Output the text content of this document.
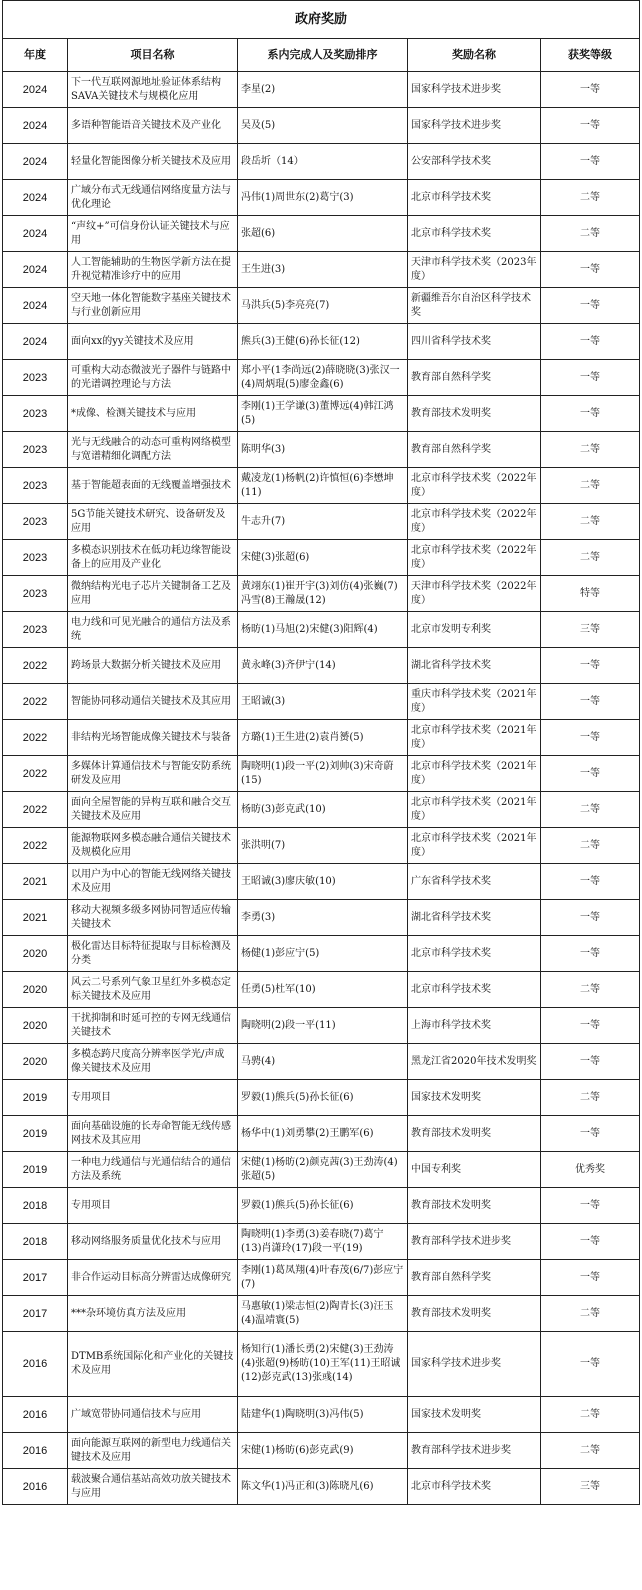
政府奖励				
年度	项目名称	系内完成人及奖励排序	奖励名称	获奖等级
2024	下一代互联网源地址验证体系结构SAVA关键技术与规模化应用	李星(2)	国家科学技术进步奖	一等
2024	多语种智能语音关键技术及产业化	吴及(5)	国家科学技术进步奖	一等
2024	轻量化智能图像分析关键技术及应用	段岳圻（14）	公安部科学技术奖	一等
2024	广域分布式无线通信网络度量方法与优化理论	冯伟(1)周世东(2)葛宁(3)	北京市科学技术奖	二等
2024	“声纹+”可信身份认证关键技术与应用	张超(6)	北京市科学技术奖	二等
2024	人工智能辅助的生物医学新方法在提升视觉精准诊疗中的应用	王生进(3)	天津市科学技术奖（2023年度）	一等
2024	空天地一体化智能数字基座关键技术与行业创新应用	马洪兵(5)李亮亮(7)	新疆维吾尔自治区科学技术奖	一等
2024	面向xx的yy关键技术及应用	熊兵(3)王健(6)孙长征(12)	四川省科学技术奖	一等
2023	可重构大动态微波光子器件与链路中的光谱调控理论与方法	郑小平(1李尚远(2)薛晓晓(3)张汉一(4)周炳琨(5)廖金鑫(6)	教育部自然科学奖	一等
2023	*成像、检测关键技术与应用	李刚(1)王学谦(3)董博远(4)韩江鸿(5)	教育部技术发明奖	一等
2023	光与无线融合的动态可重构网络模型与宽谱精细化调配方法	陈明华(3)	教育部自然科学奖	二等
2023	基于智能超表面的无线覆盖增强技术	戴凌龙(1)杨帆(2)许慎恒(6)李懋坤(11)	北京市科学技术奖（2022年度）	二等
2023	5G节能关键技术研究、设备研发及应用	牛志升(7)	北京市科学技术奖（2022年度）	二等
2023	多模态识别技术在低功耗边缘智能设备上的应用及产业化	宋健(3)张超(6)	北京市科学技术奖（2022年度）	二等
2023	微纳结构光电子芯片关键制备工艺及应用	黄翊东(1)崔开宇(3)刘仿(4)张巍(7)冯雪(8)王瀚晟(12)	天津市科学技术奖（2022年度）	特等
2023	电力线和可见光融合的通信方法及系统	杨昉(1)马旭(2)宋健(3)阳辉(4)	北京市发明专利奖	三等
2022	跨场景大数据分析关键技术及应用	黄永峰(3)齐伊宁(14)	湖北省科学技术奖	一等
2022	智能协同移动通信关键技术及其应用	王昭诚(3)	重庆市科学技术奖（2021年度）	一等
2022	非结构光场智能成像关键技术与装备	方璐(1)王生进(2)袁肖赟(5)	北京市科学技术奖（2021年度）	一等
2022	多媒体计算通信技术与智能安防系统研发及应用	陶晓明(1)段一平(2)刘帅(3)宋奇蔚(15)	北京市科学技术奖（2021年度）	一等
2022	面向全屋智能的异构互联和融合交互关键技术及应用	杨昉(3)彭克武(10)	北京市科学技术奖（2021年度）	二等
2022	能源物联网多模态融合通信关键技术及规模化应用	张洪明(7)	北京市科学技术奖（2021年度）	二等
2021	以用户为中心的智能无线网络关键技术及应用	王昭诚(3)廖庆敏(10)	广东省科学技术奖	一等
2021	移动大视频多级多网协同智适应传输关键技术	李勇(3)	湖北省科学技术奖	一等
2020	极化雷达目标特征提取与目标检测及分类	杨健(1)彭应宁(5)	北京市科学技术奖	一等
2020	风云二号系列气象卫星红外多模态定标关键技术及应用	任勇(5)杜军(10)	北京市科学技术奖	二等
2020	干扰抑制和时延可控的专网无线通信关键技术	陶晓明(2)段一平(11)	上海市科学技术奖	一等
2020	多模态跨尺度高分辨率医学光/声成像关键技术及应用	马骋(4)	黑龙江省2020年技术发明奖	一等
2019	专用项目	罗毅(1)熊兵(5)孙长征(6)	国家技术发明奖	二等
2019	面向基础设施的长寿命智能无线传感网技术及其应用	杨华中(1)刘勇攀(2)王鹏军(6)	教育部技术发明奖	一等
2019	一种电力线通信与光通信结合的通信方法及系统	宋健(1)杨昉(2)颜克茜(3)王劲涛(4)张超(5)	中国专利奖	优秀奖
2018	专用项目	罗毅(1)熊兵(5)孙长征(6)	教育部技术发明奖	一等
2018	移动网络服务质量优化技术与应用	陶晓明(1)李勇(3)姜春晓(7)葛宁(13)肖潇玲(17)段一平(19)	教育部科学技术进步奖	一等
2017	非合作运动目标高分辨雷达成像研究	李刚(1)葛凤翔(4)叶春茂(6/7)彭应宁(7)	教育部自然科学奖	一等
2017	***杂环境仿真方法及应用	马惠敏(1)梁志恒(2)陶青长(3)汪玉(4)温靖寰(5)	教育部技术发明奖	二等
2016	DTMB系统国际化和产业化的关键技术及应用	杨知行(1)潘长勇(2)宋健(3)王劲涛(4)张超(9)杨昉(10)王军(11)王昭诚(12)彭克武(13)张彧(14)	国家科学技术进步奖	一等
2016	广域宽带协同通信技术与应用	陆建华(1)陶晓明(3)冯伟(5)	国家技术发明奖	二等
2016	面向能源互联网的新型电力线通信关键技术及应用	宋健(1)杨昉(6)彭克武(9)	教育部科学技术进步奖	二等
2016	载波聚合通信基站高效功放关键技术与应用	陈文华(1)冯正和(3)陈晓凡(6)	北京市科学技术奖	三等
